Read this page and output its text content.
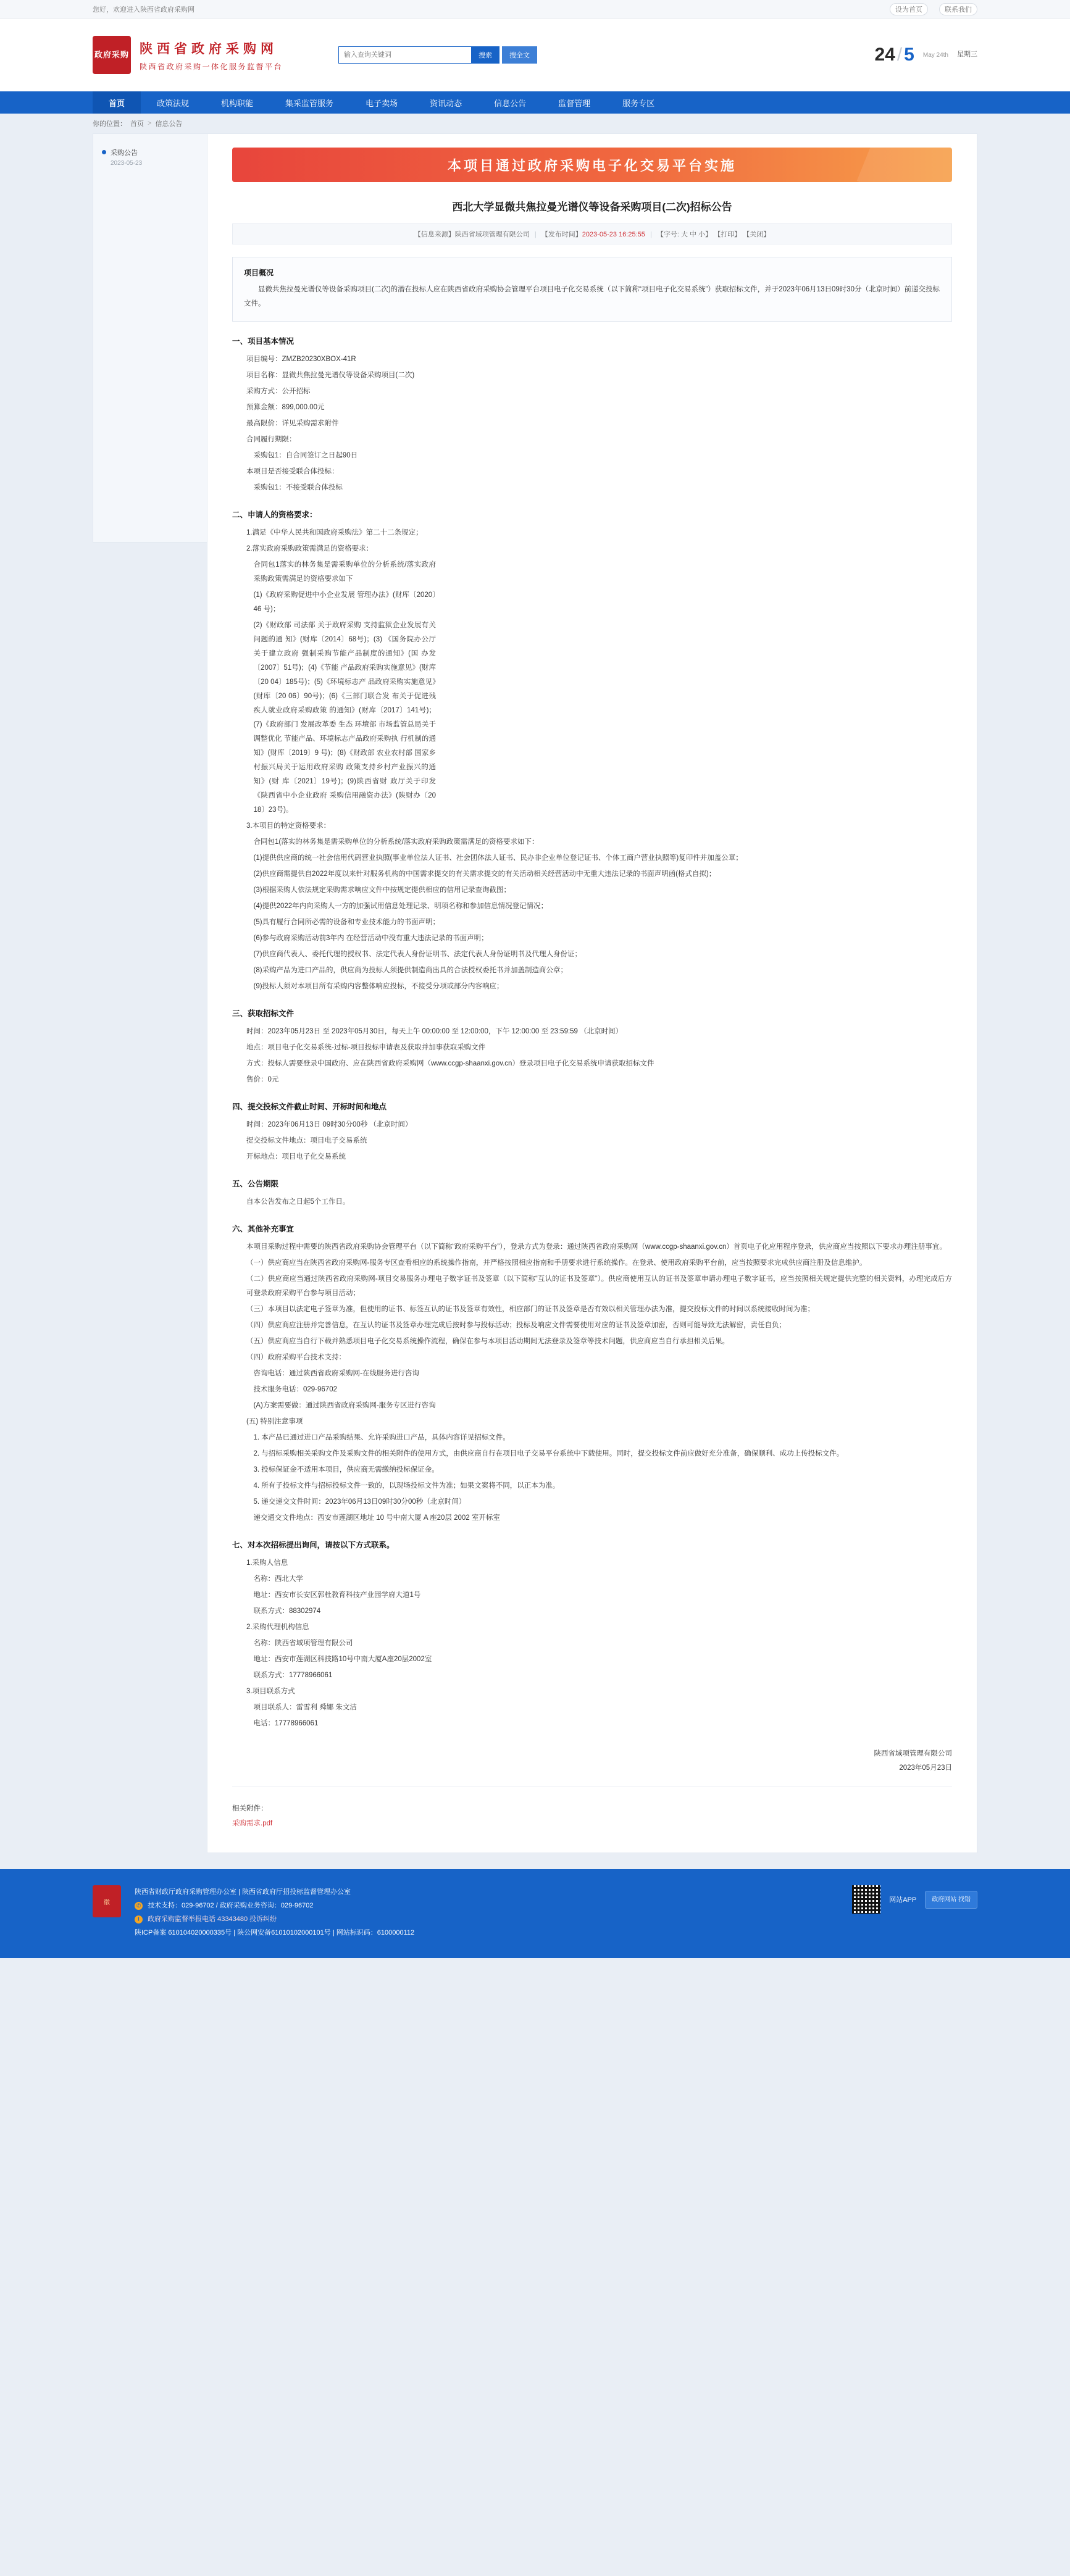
您好，欢迎进入陕西省政府采购网	设为首页	联系我们
政府采购 陕西省政府采购网
陕西省政府采购一体化服务监督平台
输入查询关键词
搜索	搜全文	24 / 5 May 24th 星期三
首页	政策法规	机构职能	集采监管服务	电子卖场	资讯动态	信息公告	监督管理	服务专区
你的位置： 首页 > 信息公告
采购公告
2023-05-23	本项目通过政府采购电子化交易平台实施
西北大学显微共焦拉曼光谱仪等设备采购项目(二次)招标公告
【信息来源】陕西省域项管理有限公司 | 【发布时间】2023-05-23 16:25:55 | 【字号: 大 中 小】 【打印】 【关闭】
项目概况

显微共焦拉曼光谱仪等设备采购项目(二次)的潜在投标人应在陕西省政府采购协会管理平台项目电子化交易系统（以下简称“项目电子化交易系统”）获取招标文件，并于2023年06月13日09时30分（北京时间）前递交投标文件。

一、项目基本情况

项目编号：ZMZB20230XBOX-41R

项目名称：显微共焦拉曼光谱仪等设备采购项目(二次)

采购方式：公开招标

预算金额：899,000.00元

最高限价：详见采购需求附件

合同履行期限：

采购包1：自合同签订之日起90日

本项目是否接受联合体投标：

采购包1：不接受联合体投标

二、申请人的资格要求：

1.满足《中华人民共和国政府采购法》第二十二条规定；

2.落实政府采购政策需满足的资格要求：

合同包1落实的林务集是需采购单位的分析系统/落实政府采购政策需满足的资格要求如下

(1)《政府采购促进中小企业发展 管理办法》(财库〔2020〕46 号)；

(2)《财政部 司法部 关于政府采购 支持监狱企业发展有关问题的通 知》(财库〔2014〕68号)；(3) 《国务院办公厅关于建立政府 强制采购节能产品制度的通知》(国 办发〔2007〕51号)；(4)《节能 产品政府采购实施意见》(财库〔20 04〕185号)；(5)《环境标志产 品政府采购实施意见》(财库〔20 06〕90号)；(6)《三部门联合发 布关于促进残疾人就业政府采购政策 的通知》(财库〔2017〕141号)；(7)《政府部门 发展改革委 生态 环境部 市场监管总局关于调整优化 节能产品、环境标志产品政府采购执 行机制的通知》(财库〔2019〕9 号)；(8)《财政部 农业农村部 国家乡村振兴局关于运用政府采购 政策支持乡村产业振兴的通知》(财 库〔2021〕19号)；(9)陕西省财 政厅关于印发《陕西省中小企业政府 采购信用融资办法》(陕财办〔20 18〕23号)。

3.本项目的特定资格要求：

合同包1(落实的林务集是需采购单位的分析系统/落实政府采购政策需满足的资格要求如下：

(1)提供供应商的统一社会信用代码营业执照(事业单位法人证书、社会团体法人证书、民办非企业单位登记证书、个体工商户营业执照等)复印件并加盖公章；

(2)供应商需提供自2022年度以来针对服务机构的中国需求提交的有关需求提交的有关活动相关经营活动中无重大违法记录的书面声明函(格式自拟)；

(3)根据采购人依法规定采购需求响应文件中按规定提供相应的信用记录查询截图；

(4)提供2022年内向采购人一方的加强试用信息处理记录、明项名称和参加信息情况登记情况；

(5)具有履行合同所必需的设备和专业技术能力的书面声明；

(6)参与政府采购活动前3年内 在经营活动中没有重大违法记录的书面声明；

(7)供应商代表人、委托代理的授权书、法定代表人身份证明书、法定代表人身份证明书及代理人身份证；

(8)采购产品为进口产品的，供应商为投标人须提供制造商出具的合法授权委托书并加盖制造商公章；

(9)投标人须对本项目所有采购内容整体响应投标，不接受分项或部分内容响应；

三、获取招标文件

时间：2023年05月23日 至 2023年05月30日，每天上午 00:00:00 至 12:00:00，下午 12:00:00 至 23:59:59 （北京时间）

地点：项目电子化交易系统-过标-项目投标申请表及获取并加事获取采购文件

方式：投标人需要登录中国政府、应在陕西省政府采购网（www.ccgp-shaanxi.gov.cn）登录项目电子化交易系统申请获取招标文件

售价：0元

四、提交投标文件截止时间、开标时间和地点

时间：2023年06月13日 09时30分00秒 （北京时间）

提交投标文件地点：项目电子交易系统

开标地点：项目电子化交易系统

五、公告期限

自本公告发布之日起5个工作日。

六、其他补充事宜

本项目采购过程中需要的陕西省政府采购协会管理平台（以下简称“政府采购平台”），登录方式为登录：通过陕西省政府采购网（www.ccgp-shaanxi.gov.cn）首页电子化应用程序登录，供应商应当按照以下要求办理注册事宜。

（一）供应商应当在陕西省政府采购网-服务专区查看相应的系统操作指南，并严格按照相应指南和手册要求进行系统操作。在登录、使用政府采购平台前，应当按照要求完成供应商注册及信息维护。

（二）供应商应当通过陕西省政府采购网-项目交易服务办理电子数字证书及签章（以下简称“互认的证书及签章”）。供应商使用互认的证书及签章申请办理电子数字证书，应当按照相关规定提供完整的相关资料，办理完成后方可登录政府采购平台参与项目活动；

（三）本项目以法定电子签章为准，但使用的证书、标签互认的证书及签章有效性，相应部门的证书及签章是否有效以相关管理办法为准，提交投标文件的时间以系统接收时间为准；

（四）供应商应注册并完善信息，在互认的证书及签章办理完成后按时参与投标活动；投标及响应文件需要使用对应的证书及签章加密，否则可能导致无法解密，责任自负；

（五）供应商应当自行下载并熟悉项目电子化交易系统操作流程，确保在参与本项目活动期间无法登录及签章等技术问题，供应商应当自行承担相关后果。

（四）政府采购平台技术支持：

咨询电话：通过陕西省政府采购网-在线服务进行咨询

技术服务电话：029-96702

(A)方案需要做：通过陕西省政府采购网-服务专区进行咨询

(五) 特别注意事项

1. 本产品已通过进口产品采购结果、允许采购进口产品，具体内容详见招标文件。

2. 与招标采购相关采购文件及采购文件的相关附件的使用方式，由供应商自行在项目电子交易平台系统中下载使用。同时，提交投标文件前应做好充分准备，确保顺利、成功上传投标文件。

3. 投标保证金不适用本项目，供应商无需缴纳投标保证金。

4. 所有子投标文件与招标投标文件一致的，以现场投标文件为准；如果文案将不同，以正本为准。

5. 递交递交文件时间：2023年06月13日09时30分00秒（北京时间）

递交通交文件地点：西安市莲湖区地址 10 号中南大厦 A 座20层 2002 室开标室

七、对本次招标提出询问，请按以下方式联系。

1.采购人信息

名称：西北大学

地址：西安市长安区郭杜教育科技产业园学府大道1号

联系方式：88302974

2.采购代理机构信息

名称：陕西省域项管理有限公司

地址：西安市莲湖区科技路10号中南大厦A座20层2002室

联系方式：17778966061

3.项目联系方式

项目联系人：雷雪利 舜娜 朱文洁

电话：17778966061

陕西省域项管理有限公司
2023年05月23日
相关附件：
采购需求.pdf
徽
陕西省财政厅政府采购管理办公室 | 陕西省政府厅招投标监督管理办公室
✆ 技术支持：029-96702 / 政府采购业务咨询：029-96702
! 政府采购监督举报电话 43343480 投诉纠纷
陕ICP备案 610104020000335号 | 陕公网安备61010102000101号 | 网站标识码：6100000112
网站APP	政府网站 找错
